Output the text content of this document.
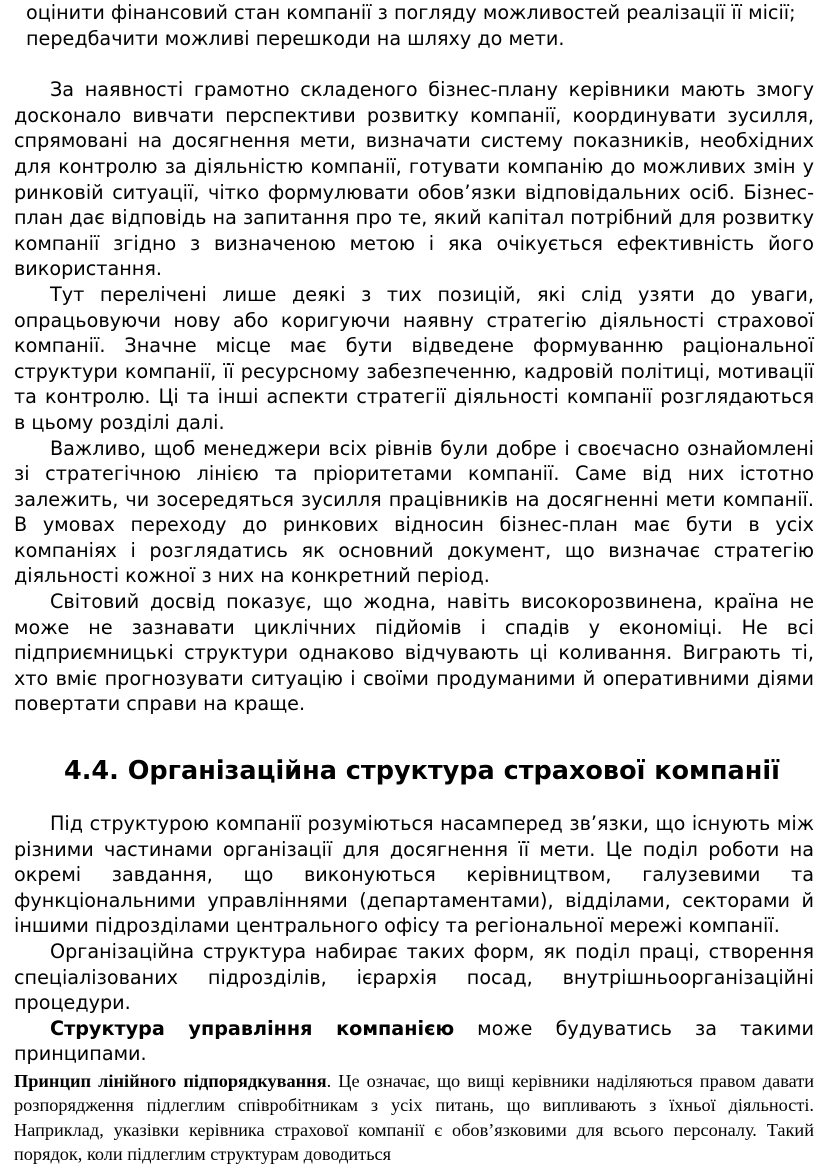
оцінити фінансовий стан компанії з погляду можливостей реалізації її місії;
передбачити можливі перешкоди на шляху до мети.

За наявності грамотно складеного бізнес-плану керівники мають змогу досконало вивчати перспективи розвитку компанії, координувати зусилля, спрямовані на досягнення мети, визначати систему показників, необхідних для контролю за діяльністю компанії, готувати компанію до можливих змін у ринковій ситуації, чітко формулювати обов’язки відповідальних осіб. Бізнес-план дає відповідь на запитання про те, який капітал потрібний для розвитку компанії згідно з визначеною метою і яка очікується ефективність його використання.

Тут перелічені лише деякі з тих позицій, які слід узяти до уваги, опрацьовуючи нову або коригуючи наявну стратегію діяльності страхової компанії. Значне місце має бути відведене формуванню раціональної структури компанії, її ресурсному забезпеченню, кадровій політиці, мотивації та контролю. Ці та інші аспекти стратегії діяльності компанії розглядаються в цьому розділі далі.

Важливо, щоб менеджери всіх рівнів були добре і своєчасно ознайомлені зі стратегічною лінією та пріоритетами компанії. Саме від них істотно залежить, чи зосередяться зусилля працівників на досягненні мети компанії. В умовах переходу до ринкових відносин бізнес-план має бути в усіх компаніях і розглядатись як основний документ, що визначає стратегію діяльності кожної з них на конкретний період.

Світовий досвід показує, що жодна, навіть високорозвинена, країна не може не зазнавати циклічних підйомів і спадів у економіці. Не всі підприємницькі структури однаково відчувають ці коливання. Виграють ті, хто вміє прогнозувати ситуацію і своїми продуманими й оперативними діями повертати справи на краще.

4.4. Організаційна структура страхової компанії

Під структурою компанії розуміються насамперед зв’язки, що існують між різними частинами організації для досягнення її мети. Це поділ роботи на окремі завдання, що виконуються керівництвом, галузевими та функціональними управліннями (департаментами), відділами, секторами й іншими підрозділами центрального офісу та регіональної мережі компанії.

Організаційна структура набирає таких форм, як поділ праці, створення спеціалізованих підрозділів, ієрархія посад, внутрішньоорганізаційні процедури.

Структура управління компанією може будуватись за такими принципами.

Принцип лінійного підпорядкування. Це означає, що вищі керівники наділяються правом давати розпорядження підлеглим співробітникам з усіх питань, що випливають з їхньої діяльності. Наприклад, указівки керівника страхової компанії є обов’язковими для всього персоналу. Такий порядок, коли підлеглим структурам доводиться
